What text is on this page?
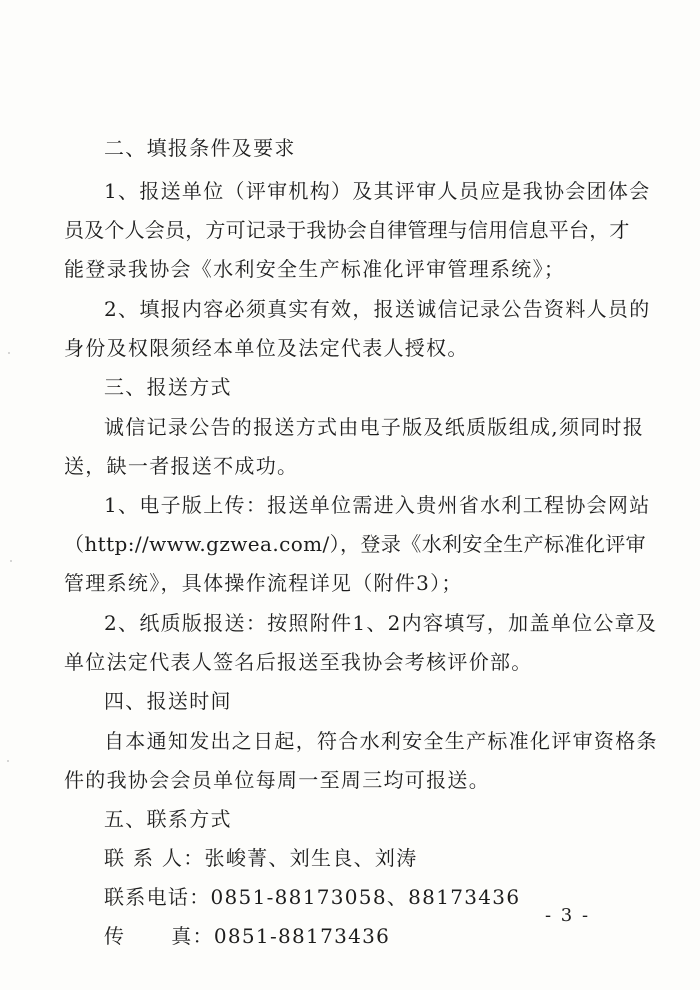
二、填报条件及要求
1、报送单位（评审机构）及其评审人员应是我协会团体会
员及个人会员，方可记录于我协会自律管理与信用信息平台，才
能登录我协会《水利安全生产标准化评审管理系统》；
2、填报内容必须真实有效，报送诚信记录公告资料人员的
身份及权限须经本单位及法定代表人授权。
三、报送方式
诚信记录公告的报送方式由电子版及纸质版组成,须同时报
送，缺一者报送不成功。
1、电子版上传：报送单位需进入贵州省水利工程协会网站
（http://www.gzwea.com/），登录《水利安全生产标准化评审
管理系统》，具体操作流程详见（附件3）；
2、纸质版报送：按照附件1、2内容填写，加盖单位公章及
单位法定代表人签名后报送至我协会考核评价部。
四、报送时间
自本通知发出之日起，符合水利安全生产标准化评审资格条
件的我协会会员单位每周一至周三均可报送。
五、联系方式
联 系 人：张峻菁、刘生良、刘涛
联系电话：0851-88173058、88173436
传      真：0851-88173436
- 3 -
